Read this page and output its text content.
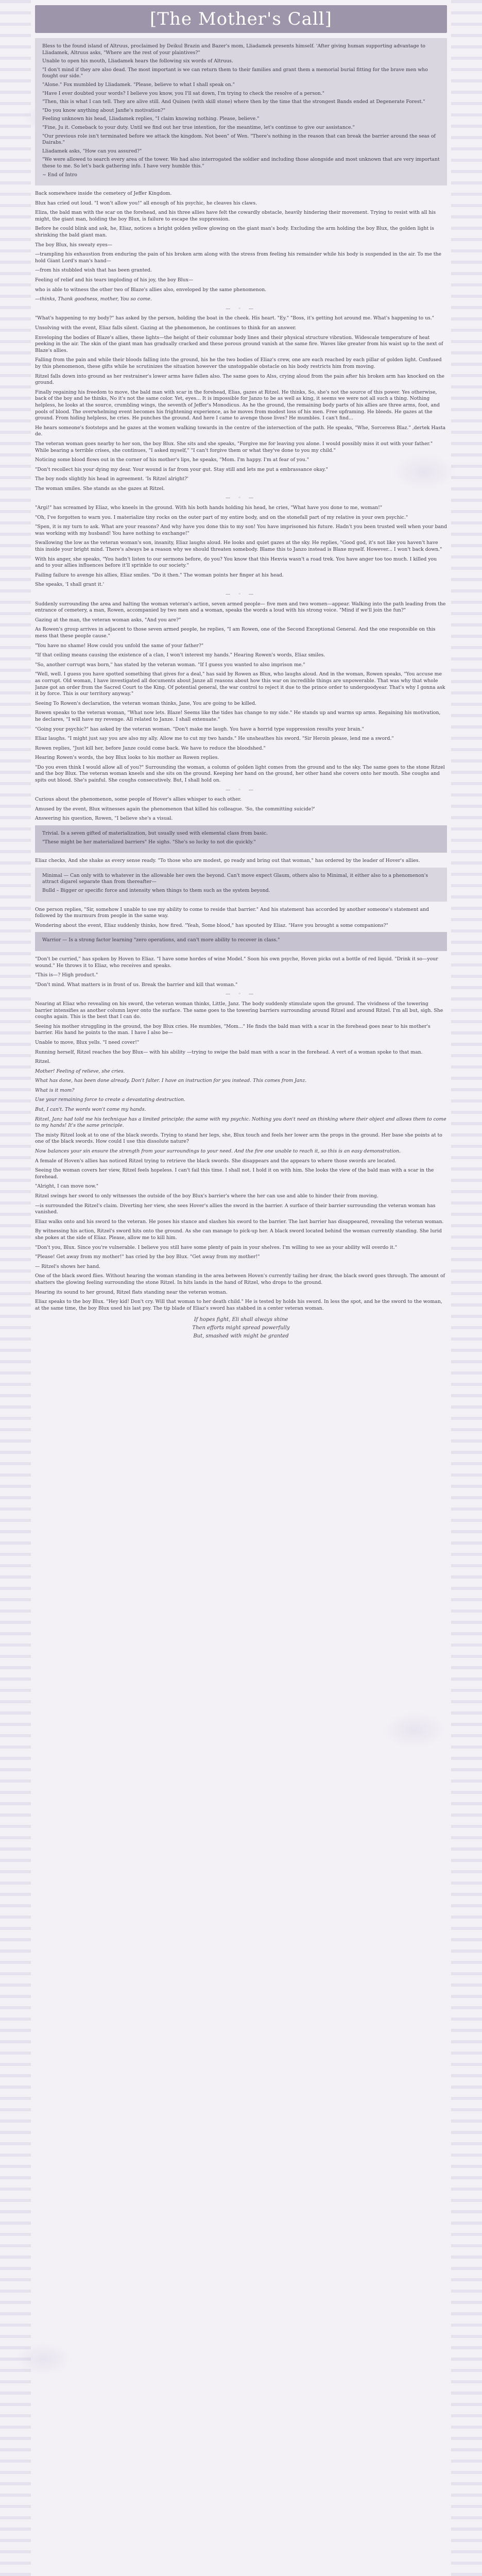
[The Mother's Call]
Bless to the found island of Altruus, proclaimed by Deikul Brazin and Bazer's mom, Lliadamek presents himself. 'After giving human supporting advantage to Lliadamek, Altruus asks, "Where are the rest of your plaintives?"
Unable to open his mouth, Lliadamek hears the following six words of Altruus.
"I don't mind if they are also dead. The most important is we can return them to their families and grant them a memorial burial fitting for the brave men who fought our side."
"Alone." Fox mumbled by Lliadamek. "Please, believe to what I shall speak on."
"Have I ever doubted your words? I believe you know, you I'll sat down, I'm trying to check the resolve of a person."
"Then, this is what I can tell. They are alive still. And Quinen (with skill stone) where then by the time that the strongest Bands ended at Degenerate Forest."
"Do you know anything about Janfie's motivation?"
Feeling unknown his head, Lliadamek replies, "I claim knowing nothing. Please, believe."
"Fine, Ju it. Comeback to your duty. Until we find out her true intention, for the meantime, let's continue to give our assistance."
"Our previous role isn't terminated before we attack the kingdom. Not been" of Wen. "There's nothing in the reason that can break the barrier around the seas of Dairabs."
Lliadamek asks, "How can you assured?"
"We were allowed to search every area of the tower. We had also interrogated the soldier and including those alongside and most unknown that are very important these to me. So let's back gathering info. I have very humble this."
~ End of Intro
Back somewhere inside the cemetery of Jeffer Kingdom.
Blux has cried out loud. "I won't allow you!" all enough of his psychic, he cleaves his claws.
Eliza, the bald man with the scar on the forehead, and his three allies have felt the cowardly obstacle, heavily hindering their movement. Trying to resist with all his might, the giant man, holding the boy Blux, is failure to escape the suppression.
Before he could blink and ask, he, Eliaz, notices a bright golden yellow glowing on the giant man's body. Excluding the arm holding the boy Blux, the golden light is shrinking the bald giant man.
The boy Blux, his sweaty eyes—
—trampling his exhaustion from enduring the pain of his broken arm along with the stress from feeling his remainder while his body is suspended in the air. To me the hold Giant Lord's man's hand—
—from his stubbled wish that has been granted.
Feeling of relief and his tears imploding of his joy, the boy Blux—
who is able to witness the other two of Blaze's allies also, enveloped by the same phenomenon.
—thinks, Thank goodness, mother, You so come.
— ◦ —
"What's happening to my body?" has asked by the person, holding the boat in the cheek. His heart. "Ey." "Boss, it's getting hot around me. What's happening to us."
Unsolving with the event, Eliaz falls silent. Gazing at the phenomenon, he continues to think for an answer.
Enveloping the bodies of Blaze's allies, these lights—the height of their columnar body lines and their physical structure vibration. Widescale temperature of heat peeking in the air. The skin of the giant man has gradually cracked and these porous ground vanish at the same fire. Waves like greater from his waist up to the next of Blaze's allies.
Falling from the pain and while their bloods falling into the ground, his he the two bodies of Eliaz's crew, one are each reached by each pillar of golden light. Confused by this phenomenon, these gifts while he scrutinizes the situation however the unstoppable obstacle on his body restricts him from moving.
Ritzel falls down into ground as her restrainer's lower arms have fallen also. The same goes to Alss, crying aloud from the pain after his broken arm has knocked on the ground.
Finally regaining his freedom to move, the bald man with scar in the forehead, Elias, gazes at Ritzel. He thinks, So, she's not the source of this power. Yes otherwise, back of the boy and he thinks, No it's not the same color. Yet, eyes... It is impossible for Janzo to be as well as king, it seems we were not all such a thing. Nothing helpless, he looks at the source, crumbling wings, the seventh of Jeffer's Monodicus. As he the ground, the remaining body parts of his allies are three arms, foot, and pools of blood. The overwhelming event becomes his frightening experience, as he moves from modest loss of his men. Free upframing. He bleeds. He gazes at the ground. From hiding helpless, he cries. He punches the ground. And here I came to avenge those lives? He mumbles. I can't find...
He hears someone's footsteps and he gazes at the women walking towards in the centre of the intersection of the path. He speaks, "Whe, Sorceress Blaz." ,dertek Hasta de.
The veteran woman goes nearby to her son, the boy Blux. She sits and she speaks, "Forgive me for leaving you alone. I would possibly miss it out with your father." While bearing a terrible crises, she continues, "I asked myself," "I can't forgive them or what they've done to you my child."
Noticing some blood flows out in the corner of his mother's lips, he speaks, "Mom. I'm happy. I'm at fear of you."
"Don't recollect his your dying my dear. Your wound is far from your gut. Stay still and lets me put a embrassance okay."
The boy nods slightly his head in agreement. 'Is Ritzel alright?'
The woman smiles. She stands as she gazes at Ritzel.
— ◦ —
"Argi!" has screamed by Eliaz, who kneels in the ground. With his both hands holding his head, he cries, "What have you done to me, woman!"
"Oh, I've forgotten to warn you. I materialize tiny rocks on the outer part of my entire body, and on the stonefall part of my relative in your own psychic."
"Spen, it is my turn to ask. What are your reasons? And why have you done this to my son! You have imprisoned his future. Hadn't you been trusted well when your band was working with my husband! You have nothing to exchange!"
Swallowing the low as the veteran woman's son, insanity, Eliaz laughs aloud. He looks and quiet gazes at the sky. He replies, "Good god, it's not like you haven't have this inside your bright mind. There's always be a reason why we should threaten somebody. Blame this to Janzo instead is Blaxe myself. However... I won't back down."
With his anger, she speaks, "You hadn't listen to our sermons before, do you? You know that this Hexvia wasn't a road trek. You have anger too too much. I killed you and to your allies influences before it'll sprinkle to our society."
Failing failure to avenge his allies, Eliaz smiles. "Do it then." The woman points her finger at his head.
She speaks, 'I shall grant it.'
— ◦ —
Suddenly surrounding the area and halting the woman veteran's action, seven armed people— five men and two women—appear. Walking into the path leading from the entrance of cemetery, a man, Rowen, accompanied by two men and a woman, speaks the words a loud with his strong voice. "Mind if we'll join the fun?"
Gazing at the man, the veteran woman asks, "And you are?"
As Rowen's group arrives in adjacent to those seven armed people, he replies, "I am Rowen, one of the Second Exceptional General. And the one responsible on this mess that these people cause."
"You have no shame! How could you unfold the same of your father?"
"If that ceiling means causing the existence of a clan, I won't interest my hands." Hearing Rowen's words, Eliaz smiles.
"So, another corrupt was born," has stated by the veteran woman. "If I guess you wanted to also imprison me."
"Well, well. I guess you have spotted something that gives for a deal," has said by Rowen as Blux, who laughs aloud. And in the woman, Rowen speaks, "You accuse me as corrupt. Old woman, I have investigated all documents about Janze all reasons about how this war on incredible things are unpowerable. That was why that whole Janze got an order from the Sacred Court to the King. Of potential general, the war control to reject it due to the prince order to undergoodyear. That's why I gonna ask it by force. This is our territory anyway."
Seeing To Rowen's declaration, the veteran woman thinks, Jane, You are going to be killed.
Rowen speaks to the veteran woman, "What now lets. Blaze! Seems like the tides has change to my side." He stands up and warms up arms. Regaining his motivation, he declares, "I will have my revenge. All related to Janze. I shall extenuate."
"Going your psychic?" has asked by the veteran woman. "Don't make me laugh. You have a horrid type suppression results your brain."
Eliaz laughs. "I might just say you are also my ally. Allow me to cut my two hands." He unsheathes his sword. "Sir Heroin please, lend me a sword."
Rowen replies, "Just kill her, before Janze could come back. We have to reduce the bloodshed."
Hearing Rowen's words, the boy Blux looks to his mother as Rowen replies.
"Do you even think I would allow all of you?" Surrounding the woman, a column of golden light comes from the ground and to the sky. The same goes to the stone Ritzel and the boy Blux. The veteran woman kneels and she sits on the ground. Keeping her hand on the ground, her other hand she covers onto her mouth. She coughs and spits out blood. She's painful. She coughs consecutively. But, I shall hold on.
— ◦ —
Curious about the phenomenon, some people of Hover's allies whisper to each other.
Amused by the event, Blux witnesses again the phenomenon that killed his colleague. 'So, the committing suicide?'
Answering his question, Rowen, "I believe she's a visual.
Trivial. Is a seven gifted of materialization, but usually used with elemental class from basic.
"These might be her materialized barriers" He sighs. "She's so lucky to not die quickly."
Eliaz checks, And she shake as every sense ready. "To those who are modest, go ready and bring out that woman," has ordered by the leader of Hover's allies.
Minimal — Can only with to whatever in the allowable her own the beyond. Can't move expect Glaum, others also to Minimal, it either also to a phenomenon's attract digarel separate than from thereafter—
Bulld – Bigger or specific force and intensity when things to them such as the system beyond.
One person replies, "Sir, somehow I unable to use my ability to come to reside that barrier." And his statement has accorded by another someone's statement and followed by the murmurs from people in the same way.
Wondering about the event, Eliaz suddenly thinks, how fired. "Yeah, Some blood," has spouted by Eliaz. "Have you brought a some companions?"
Warrior — Is a strong factor learning "zero operations, and can't more ability to recover in class."
"Don't be curried," has spoken by Hoven to Eliaz. "I have some hordes of wine Model." Soon his own psyche, Hoven picks out a bottle of red liquid. "Drink it so—your wound." He throws it to Eliaz, who receives and speaks.
"This is—? High product."
"Don't mind. What matters is in front of us. Break the barrier and kill that woman."
— ◦ —
Nearing at Eliaz who revealing on his sword, the veteran woman thinks, Little, Janz. The body suddenly stimulate upon the ground. The vividness of the towering barrier intensifies as another column layer onto the surface. The same goes to the towering barriers surrounding around Ritzel and around Ritzel. I'm all but, sigh. She coughs again. This is the best that I can do.
Seeing his mother struggling in the ground, the boy Blux cries. He mumbles, "Mom..." He finds the bald man with a scar in the forehead goes near to his mother's barrier. His hand he points to the man. I have I also be—
Unable to move, Blux yells. "I need cover!"
Running herself, Ritzel reaches the boy Blux— with his ability —trying to swipe the bald man with a scar in the forehead. A vert of a woman spoke to that man.
Ritzel.
Mother! Feeling of relieve, she cries.
What has done, has been done already. Don't falter. I have an instruction for you instead. This comes from Janz.
What is it mom?
Use your remaining force to create a devastating destruction.
But, I can't. The words won't come my hands.
Ritzel, Janz had told me his technique has a limited principle; the same with my psychic. Nothing you don't need an thinking where their object and allows them to come to my hands! It's the same principle.
The misty Ritzel look at to one of the black swords. Trying to stand her legs, she, Blux touch and feels her lower arm the props in the ground. Her base she points at to one of the black swords. How could I use this dissolute nature?
Now balances your sin ensure the strength from your surroundings to your need. And the fire one unable to reach it, so this is an easy demonstration.
A female of Hoven's allies has noticed Ritzel trying to retrieve the black swords. She disappears and the appears to where those swords are located.
Seeing the woman covers her view, Ritzel feels hopeless. I can't fail this time. I shall not. I hold it on with him. She looks the view of the bald man with a scar in the forehead.
"Alright, I can move now."
Ritzel swings her sword to only witnesses the outside of the boy Blux's barrier's where the her can use and able to hinder their from moving.
—is surrounded the Ritzel's claim. Diverting her view, she sees Hover's allies the sword in the barrier. A surface of their barrier surrounding the veteran woman has vanished.
Eliaz walks onto and his sword to the veteran. He poses his stance and slashes his sword to the barrier. The last barrier has disappeared, revealing the veteran woman.
By witnessing his action, Ritzel's sword hits onto the ground. As she can manage to pick-up her. A black sword located behind the woman currently standing. She lurid she pokes at the side of Eliaz. Please, allow me to kill him.
"Don't you, Blux. Since you're vulnerable. I believe you still have some plenty of pain in your shelves. I'm willing to see as your ability will overdo it."
"Please! Get away from my mother!" has cried by the boy Blux. "Get away from my mother!"
— Ritzel's shows her hand.
One of the black sword flies. Without hearing the woman standing in the area between Hoven's currently tailing her draw, the black sword goes through. The amount of shatters the glowing feeling surrounding the stone Ritzel. In hits lands in the hand of Ritzel, who drops to the ground.
Hearing its sound to her ground, Ritzel flats standing near the veteran woman.
Eliaz speaks to the boy Blux. "Hey kid! Don't cry. Will that woman to her death child." He is tested by holds his sword. In less the spot, and he the sword to the woman, at the same time, the boy Blux used his last psy. The tip blade of Eliaz's sword has stabbed in a center veteran woman.
If hopes fight, Eli shall always shine
Then efforts might spread powerfully
But, smashed with might be granted
